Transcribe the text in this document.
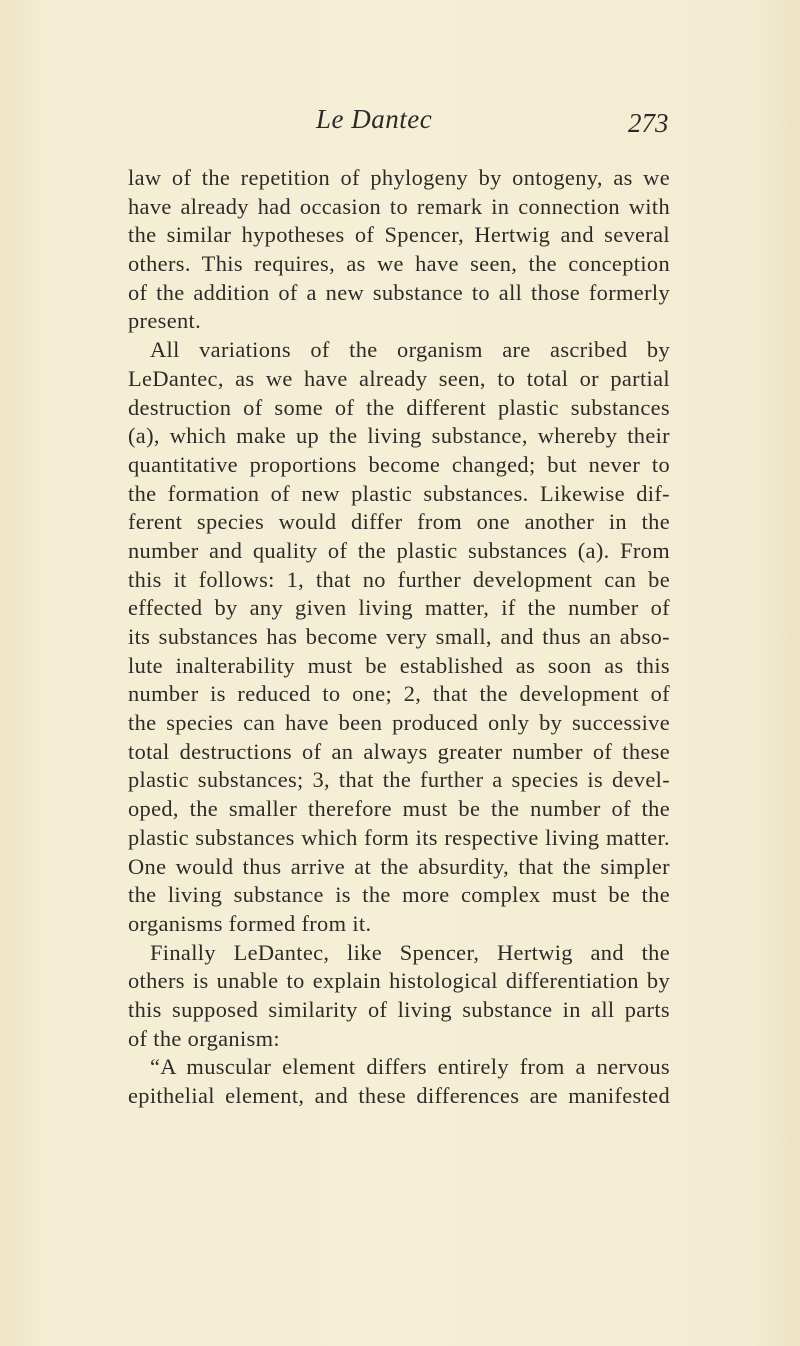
Le Dantec	273
law of the repetition of phylogeny by ontogeny, as we
have already had occasion to remark in connection with
the similar hypotheses of Spencer, Hertwig and several
others. This requires, as we have seen, the conception
of the addition of a new substance to all those formerly
present.
All variations of the organism are ascribed by
LeDantec, as we have already seen, to total or partial
destruction of some of the different plastic substances
(a), which make up the living substance, whereby their
quantitative proportions become changed; but never to
the formation of new plastic substances. Likewise dif-
ferent species would differ from one another in the
number and quality of the plastic substances (a). From
this it follows: 1, that no further development can be
effected by any given living matter, if the number of
its substances has become very small, and thus an abso-
lute inalterability must be established as soon as this
number is reduced to one; 2, that the development of
the species can have been produced only by successive
total destructions of an always greater number of these
plastic substances; 3, that the further a species is devel-
oped, the smaller therefore must be the number of the
plastic substances which form its respective living matter.
One would thus arrive at the absurdity, that the simpler
the living substance is the more complex must be the
organisms formed from it.
Finally LeDantec, like Spencer, Hertwig and the
others is unable to explain histological differentiation by
this supposed similarity of living substance in all parts
of the organism:
“A muscular element differs entirely from a nervous
epithelial element, and these differences are manifested
